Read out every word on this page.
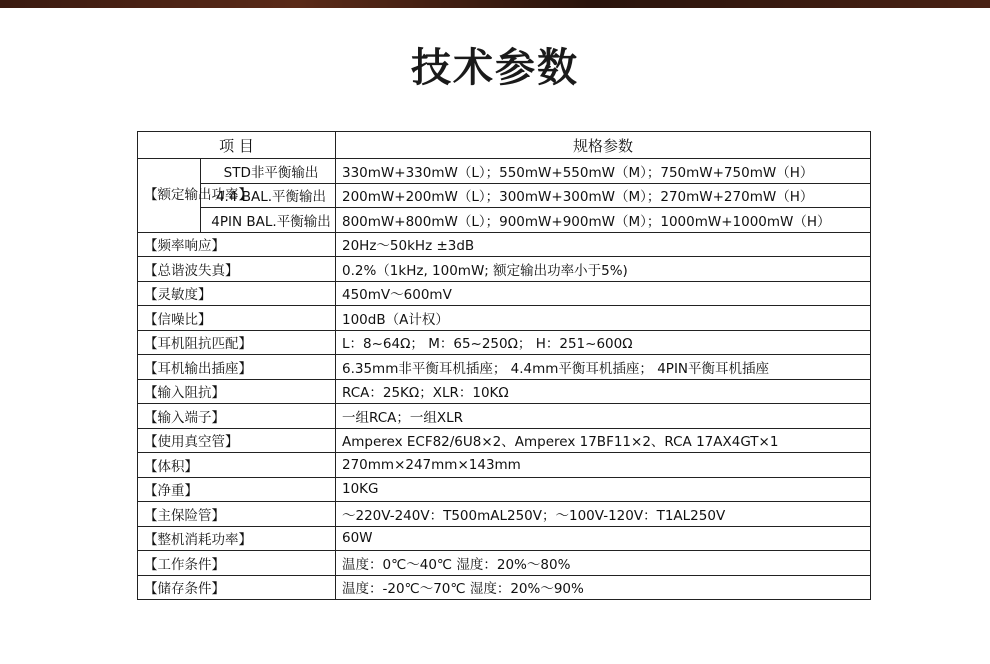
技术参数
项 目		规格参数
【额定输出功率】	STD非平衡输出	330mW+330mW（L）；550mW+550mW（M）；750mW+750mW（H）
	4.4 BAL.平衡输出	200mW+200mW（L）；300mW+300mW（M）；270mW+270mW（H）
	4PIN BAL.平衡输出	800mW+800mW（L）；900mW+900mW（M）；1000mW+1000mW（H）
【频率响应】		20Hz～50kHz ±3dB
【总谐波失真】		0.2%（1kHz, 100mW; 额定输出功率小于5%)
【灵敏度】		450mV～600mV
【信噪比】		100dB（A计权）
【耳机阻抗匹配】		L：8~64Ω； M：65~250Ω； H：251~600Ω
【耳机输出插座】		6.35mm非平衡耳机插座； 4.4mm平衡耳机插座； 4PIN平衡耳机插座
【输入阻抗】		RCA：25KΩ；XLR：10KΩ
【输入端子】		一组RCA；一组XLR
【使用真空管】		Amperex ECF82/6U8×2、Amperex 17BF11×2、RCA 17AX4GT×1
【体积】		270mm×247mm×143mm
【净重】		10KG
【主保险管】		～220V-240V：T500mAL250V；～100V-120V：T1AL250V
【整机消耗功率】		60W
【工作条件】		温度：0℃～40℃ 湿度：20%～80%
【储存条件】		温度：-20℃～70℃ 湿度：20%～90%
